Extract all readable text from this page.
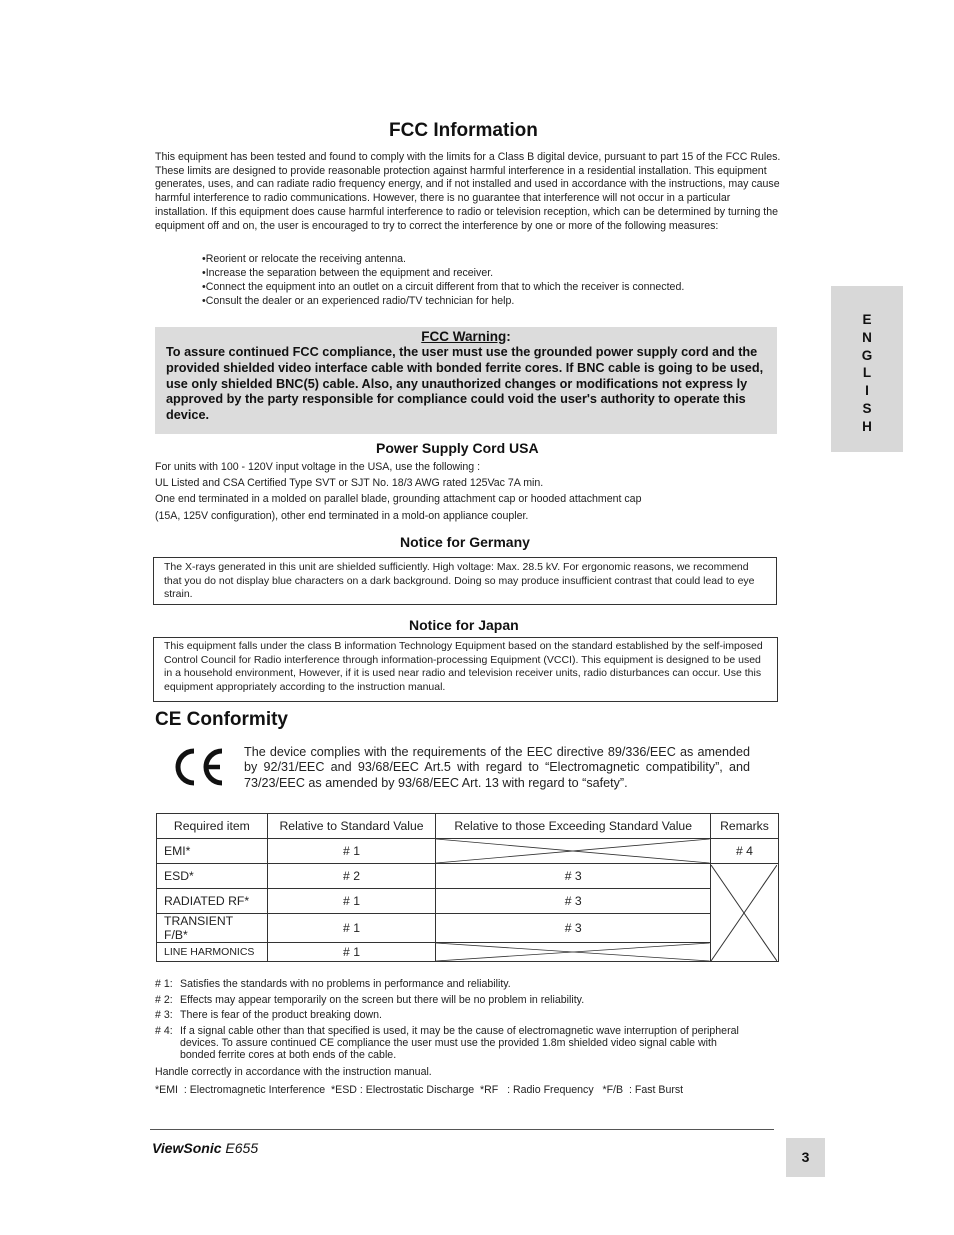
FCC Information

This equipment has been tested and found to comply with the limits for a Class B digital device, pursuant to part 15 of the FCC Rules. These limits are designed to provide reasonable protection against harmful interference in a residential installation. This equipment generates, uses, and can radiate radio frequency energy, and if not installed and used in accordance with the instructions, may cause harmful interference to radio communications. However, there is no guarantee that interference will not occur in a particular installation. If this equipment does cause harmful interference to radio or television reception, which can be determined by turning the equipment off and on, the user is encouraged to try to correct the interference by one or more of the following measures:

• Reorient or relocate the receiving antenna.
• Increase the separation between the equipment and receiver.
• Connect the equipment into an outlet on a circuit different from that to which the receiver is connected.
• Consult the dealer or an experienced radio/TV technician for help.
FCC Warning:

To assure continued FCC compliance, the user must use the grounded power supply cord and the provided shielded video interface cable with bonded ferrite cores. If BNC cable is going to be used, use only shielded BNC(5) cable. Also, any unauthorized changes or modifications not express ly approved by the party responsible for compliance could void the user's authority to operate this device.

Power Supply Cord USA
For units with 100 - 120V input voltage in the USA, use the following :
UL Listed and CSA Certified Type SVT or SJT No. 18/3 AWG rated 125Vac 7A min.
One end terminated in a molded on parallel blade, grounding attachment cap or hooded attachment cap
(15A, 125V configuration), other end terminated in a mold-on appliance coupler.
Notice for Germany

The X-rays generated in this unit are shielded sufficiently. High voltage: Max. 28.5 kV. For ergonomic reasons, we recommend that you do not display blue characters on a dark background. Doing so may produce insufficient contrast that could lead to eye strain.

Notice for Japan

This equipment falls under the class B information Technology Equipment based on the standard established by the self-imposed Control Council for Radio interference through information-processing Equipment (VCCI). This equipment is designed to be used in a household environment, However, if it is used near radio and television receiver units, radio disturbances can occur. Use this equipment appropriately according to the instruction manual.

CE Conformity

The device complies with the requirements of the EEC directive 89/336/EEC as amended by 92/31/EEC and 93/68/EEC Art.5 with regard to “Electromagnetic compatibility”, and 73/23/EEC as amended by 93/68/EEC Art. 13 with regard to “safety”.

Required item	Relative to Standard Value	Relative to those Exceeding Standard Value	Remarks
EMI*	# 1		# 4
ESD*	# 2	# 3	

RADIATED RF*	# 1	# 3	
TRANSIENT F/B*	# 1	# 3	
LINE HARMONICS	# 1	
# 1: Satisfies the standards with no problems in performance and reliability.
# 2: Effects may appear temporarily on the screen but there will be no problem in reliability.
# 3: There is fear of the product breaking down.
# 4: If a signal cable other than that specified is used, it may be the cause of electromagnetic wave interruption of peripheral devices. To assure continued CE compliance the user must use the provided 1.8m shielded video signal cable with bonded ferrite cores at both ends of the cable.
Handle correctly in accordance with the instruction manual.
*EMI  : Electromagnetic Interference  *ESD : Electrostatic Discharge  *RF   : Radio Frequency   *F/B  : Fast Burst
E
N
G
L
I
S
H
ViewSonic E655
3
